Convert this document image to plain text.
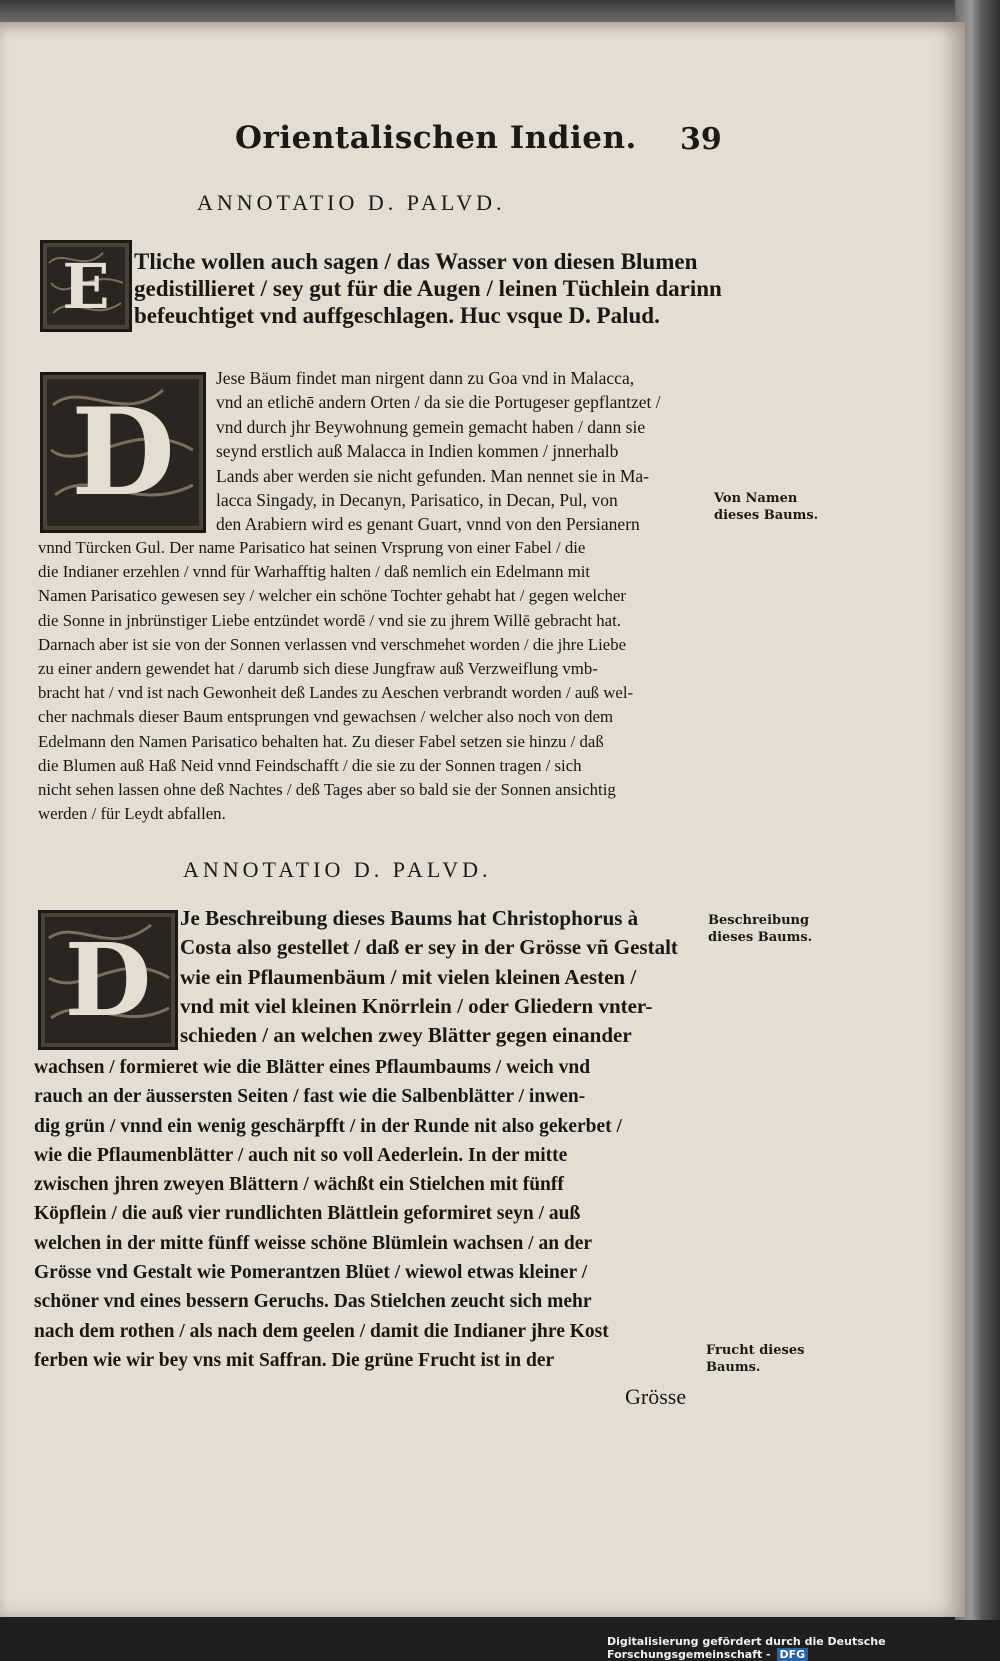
Orientalischen Indien. 39
ANNOTATIO D. PALVD.
E Tliche wollen auch sagen / das Wasser von diesen Blumen
gedistillieret / sey gut für die Augen / leinen Tüchlein darinn
befeuchtiget vnd auffgeschlagen. Huc vsque D. Palud.
D
Jese Bäum findet man nirgent dann zu Goa vnd in Malacca,
vnd an etlichē andern Orten / da sie die Portugeser gepflantzet /
vnd durch jhr Beywohnung gemein gemacht haben / dann sie
seynd erstlich auß Malacca in Indien kommen / jnnerhalb
Lands aber werden sie nicht gefunden. Man nennet sie in Ma-
lacca Singady, in Decanyn, Parisatico, in Decan, Pul, von
den Arabiern wird es genant Guart, vnnd von den Persianern
vnnd Türcken Gul. Der name Parisatico hat seinen Vrsprung von einer Fabel / die
die Indianer erzehlen / vnnd für Warhafftig halten / daß nemlich ein Edelmann mit
Namen Parisatico gewesen sey / welcher ein schöne Tochter gehabt hat / gegen welcher
die Sonne in jnbrünstiger Liebe entzündet wordē / vnd sie zu jhrem Willē gebracht hat.
Darnach aber ist sie von der Sonnen verlassen vnd verschmehet worden / die jhre Liebe
zu einer andern gewendet hat / darumb sich diese Jungfraw auß Verzweiflung vmb-
bracht hat / vnd ist nach Gewonheit deß Landes zu Aeschen verbrandt worden / auß wel-
cher nachmals dieser Baum entsprungen vnd gewachsen / welcher also noch von dem
Edelmann den Namen Parisatico behalten hat. Zu dieser Fabel setzen sie hinzu / daß
die Blumen auß Haß Neid vnnd Feindschafft / die sie zu der Sonnen tragen / sich
nicht sehen lassen ohne deß Nachtes / deß Tages aber so bald sie der Sonnen ansichtig
werden / für Leydt abfallen.
Von Namen
dieses Baums.
ANNOTATIO D. PALVD.
D
Je Beschreibung dieses Baums hat Christophorus à
Costa also gestellet / daß er sey in der Grösse vñ Gestalt
wie ein Pflaumenbäum / mit vielen kleinen Aesten /
vnd mit viel kleinen Knörrlein / oder Gliedern vnter-
schieden / an welchen zwey Blätter gegen einander
wachsen / formieret wie die Blätter eines Pflaumbaums / weich vnd
rauch an der äussersten Seiten / fast wie die Salbenblätter / inwen-
dig grün / vnnd ein wenig geschärpfft / in der Runde nit also gekerbet /
wie die Pflaumenblätter / auch nit so voll Aederlein. In der mitte
zwischen jhren zweyen Blättern / wächßt ein Stielchen mit fünff
Köpflein / die auß vier rundlichten Blättlein geformiret seyn / auß
welchen in der mitte fünff weisse schöne Blümlein wachsen / an der
Grösse vnd Gestalt wie Pomerantzen Blüet / wiewol etwas kleiner /
schöner vnd eines bessern Geruchs. Das Stielchen zeucht sich mehr
nach dem rothen / als nach dem geelen / damit die Indianer jhre Kost
ferben wie wir bey vns mit Saffran. Die grüne Frucht ist in der
Beschreibung
dieses Baums.
Frucht dieses
Baums.
Grösse
Digitalisierung gefördert durch die Deutsche Forschungsgemeinschaft - DFG
